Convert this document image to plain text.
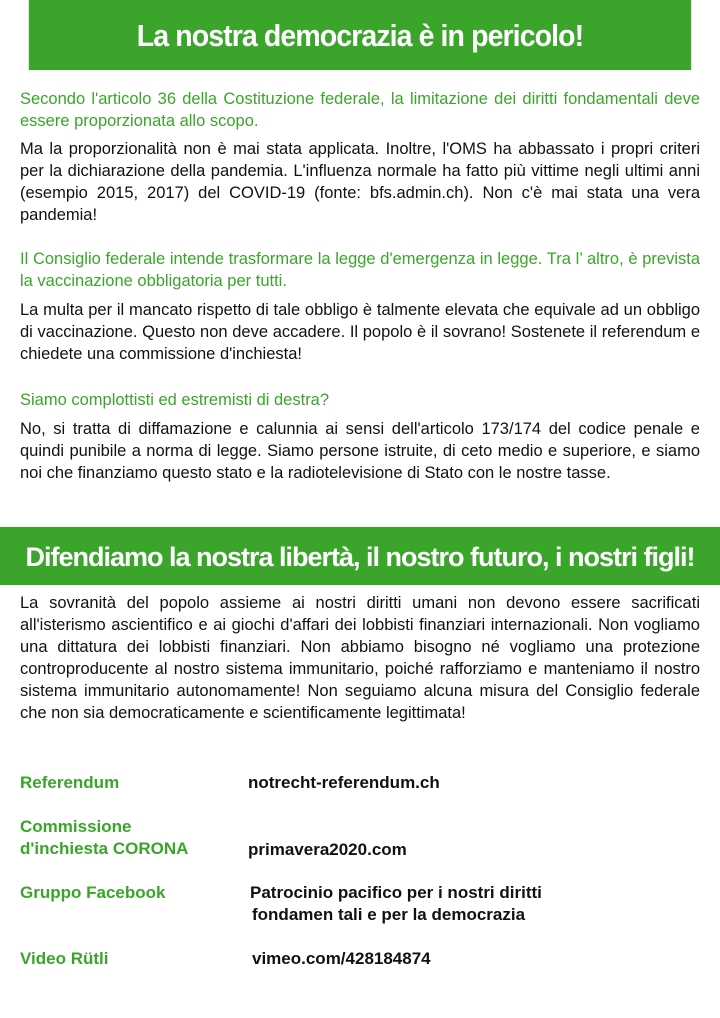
La nostra democrazia è in pericolo!
Secondo l'articolo 36 della Costituzione federale, la limitazione dei diritti fondamentali deve essere proporzionata allo scopo.
Ma la proporzionalità non è mai stata applicata. Inoltre, l'OMS ha abbassato i propri criteri per la dichiarazione della pandemia. L'influenza normale ha fatto più vittime negli ultimi anni (esempio 2015, 2017) del COVID-19 (fonte: bfs.admin.ch). Non c'è mai stata una vera pandemia!
Il Consiglio federale intende trasformare la legge d'emergenza in legge. Tra l’ altro, è prevista la vaccinazione obbligatoria per tutti.
La multa per il mancato rispetto di tale obbligo è talmente elevata che equivale ad un obbligo di vaccinazione. Questo non deve accadere. Il popolo è il sovrano! Sostenete il referendum e chiedete una commissione d'inchiesta!
Siamo complottisti ed estremisti di destra?
No, si tratta di diffamazione e calunnia ai sensi dell'articolo 173/174 del codice penale e quindi punibile a norma di legge. Siamo persone istruite, di ceto medio e superiore, e siamo noi che finanziamo questo stato e la radiotelevisione di Stato con le nostre tasse.
Difendiamo la nostra libertà, il nostro futuro, i nostri figli!
La sovranità del popolo assieme ai nostri diritti umani non devono essere sacrificati all'isterismo ascientifico e ai giochi d'affari dei lobbisti finanziari internazionali. Non vogliamo una dittatura dei lobbisti finanziari. Non abbiamo bisogno né vogliamo una protezione controproducente al nostro sistema immunitario, poiché rafforziamo e manteniamo il nostro sistema immunitario autonomamente! Non seguiamo alcuna misura del Consiglio federale che non sia democraticamente e scientificamente legittimata!
Referendum	notrecht-referendum.ch
Commissione
d'inchiesta CORONA	primavera2020.com
Gruppo Facebook	Patrocinio pacifico per i nostri diritti
fondamen tali e per la democrazia
Video Rütli	vimeo.com/428184874
